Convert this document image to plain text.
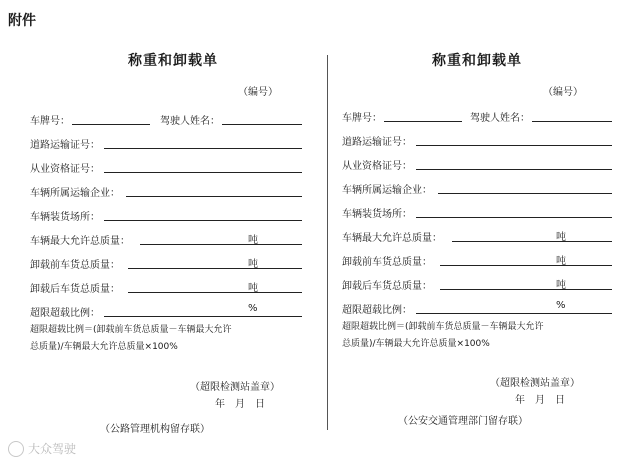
附件
称重和卸载单
（编号）
车牌号：	驾驶人姓名：
道路运输证号：
从业资格证号：
车辆所属运输企业：
车辆装货场所：
车辆最大允许总质量：	吨
卸载前车货总质量：	吨
卸载后车货总质量：	吨
超限超载比例：	%
超限超载比例＝(卸载前车货总质量－车辆最大允许
总质量)/车辆最大允许总质量×100%
（超限检测站盖章）
年　月　日
（公路管理机构留存联）
称重和卸载单
（编号）
车牌号：	驾驶人姓名：
道路运输证号：
从业资格证号：
车辆所属运输企业：
车辆装货场所：
车辆最大允许总质量：	吨
卸载前车货总质量：	吨
卸载后车货总质量：	吨
超限超载比例：	%
超限超载比例＝(卸载前车货总质量－车辆最大允许
总质量)/车辆最大允许总质量×100%
（超限检测站盖章）
年　月　日
（公安交通管理部门留存联）
大众驾驶
